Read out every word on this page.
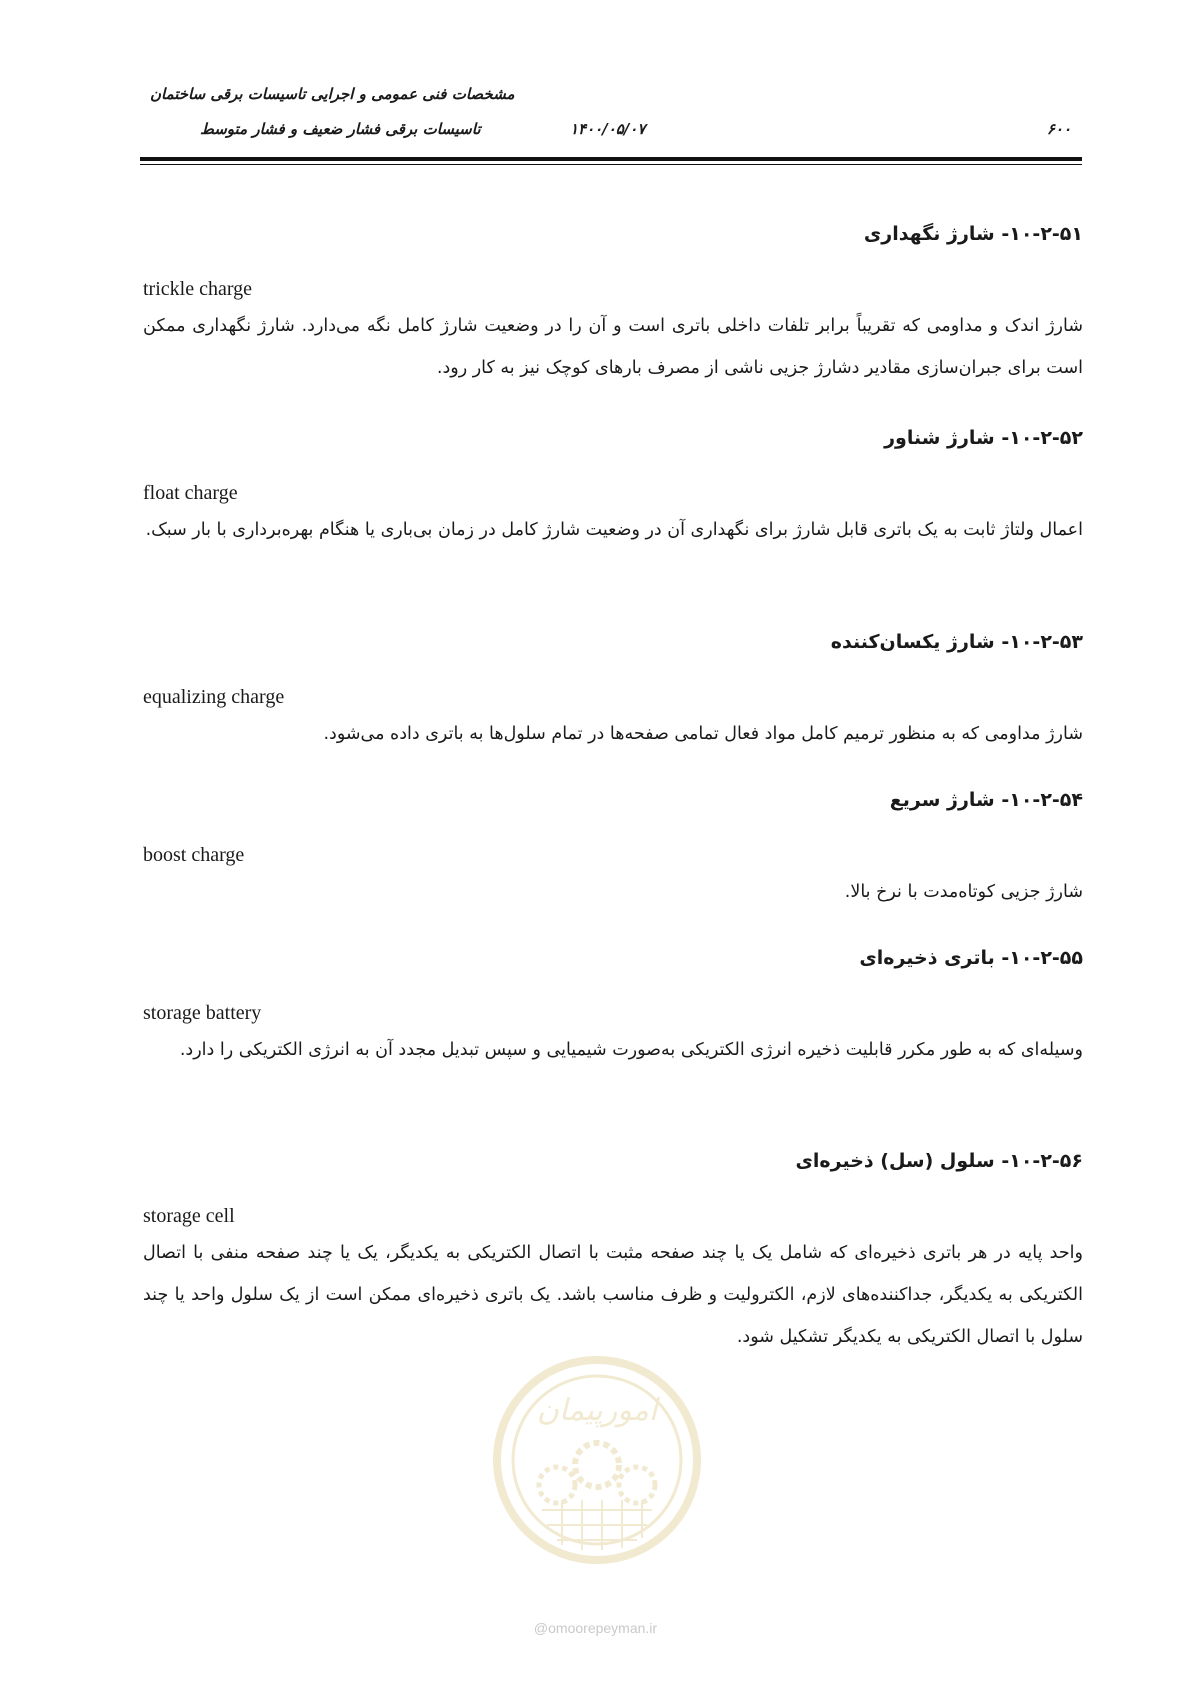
مشخصات فنی عمومی و اجرایی تاسیسات برقی ساختمان
تاسیسات برقی فشار ضعیف و فشار متوسط	۱۴۰۰/۰۵/۰۷	۶۰۰
۱۰-۲-۵۱- شارژ نگهداری
trickle charge
شارژ اندک و مداومی که تقریباً برابر تلفات داخلی باتری است و آن را در وضعیت شارژ کامل نگه می‌دارد. شارژ نگهداری ممکن است برای جبران‌سازی مقادیر دشارژ جزیی ناشی از مصرف بارهای کوچک نیز به کار رود.
۱۰-۲-۵۲- شارژ شناور
float charge
اعمال ولتاژ ثابت به یک باتری قابل شارژ برای نگهداری آن در وضعیت شارژ کامل در زمان بی‌باری یا هنگام بهره‌برداری با بار سبک.
۱۰-۲-۵۳- شارژ یکسان‌کننده
equalizing charge
شارژ مداومی که به منظور ترمیم کامل مواد فعال تمامی صفحه‌ها در تمام سلول‌ها به باتری داده می‌شود.
۱۰-۲-۵۴- شارژ سریع
boost charge
شارژ جزیی کوتاه‌مدت با نرخ بالا.
۱۰-۲-۵۵- باتری ذخیره‌ای
storage battery
وسیله‌ای که به طور مکرر قابلیت ذخیره انرژی الکتریکی به‌صورت شیمیایی و سپس تبدیل مجدد آن به انرژی الکتریکی را دارد.
۱۰-۲-۵۶- سلول (سل) ذخیره‌ای
storage cell
واحد پایه در هر باتری ذخیره‌ای که شامل یک یا چند صفحه مثبت با اتصال الکتریکی به یکدیگر، یک یا چند صفحه منفی با اتصال الکتریکی به یکدیگر، جداکننده‌های لازم، الکترولیت و ظرف مناسب باشد. یک باتری ذخیره‌ای ممکن است از یک سلول واحد یا چند سلول با اتصال الکتریکی به یکدیگر تشکیل شود.
امورپیمان
@omoorepeyman.ir
